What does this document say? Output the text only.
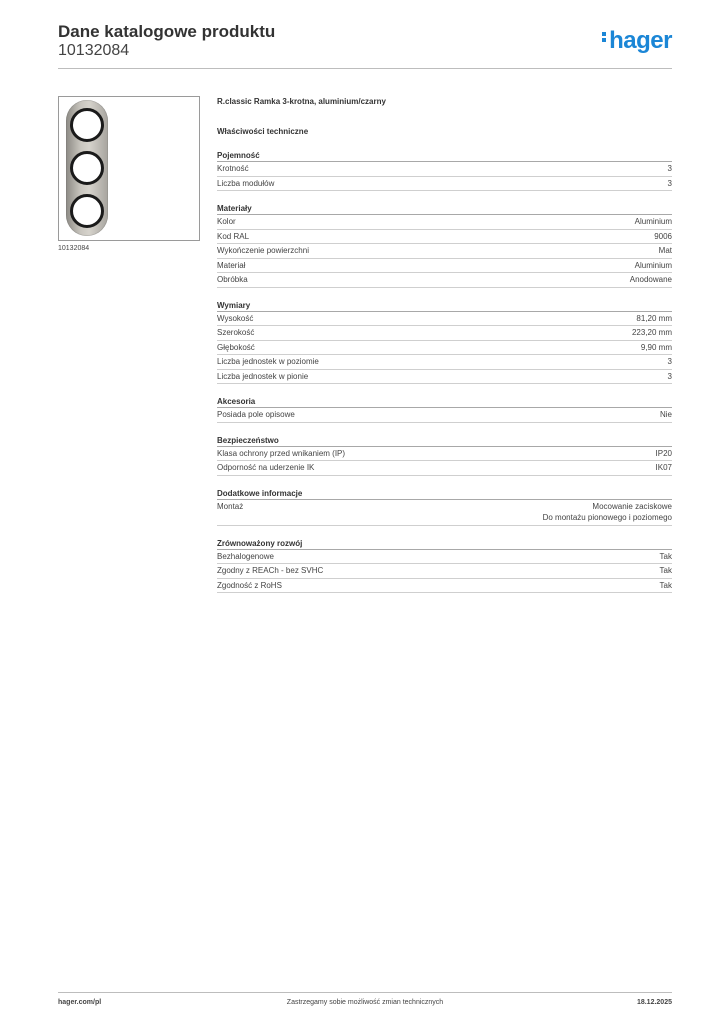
Dane katalogowe produktu
10132084	hager
10132084
R.classic Ramka 3-krotna, aluminium/czarny
Właściwości techniczne
Pojemność
Krotność	3
Liczba modułów	3
Materiały
Kolor	Aluminium
Kod RAL	9006
Wykończenie powierzchni	Mat
Materiał	Aluminium
Obróbka	Anodowane
Wymiary
Wysokość	81,20 mm
Szerokość	223,20 mm
Głębokość	9,90 mm
Liczba jednostek w poziomie	3
Liczba jednostek w pionie	3
Akcesoria
Posiada pole opisowe	Nie
Bezpieczeństwo
Klasa ochrony przed wnikaniem (IP)	IP20
Odporność na uderzenie IK	IK07
Dodatkowe informacje
Montaż	Mocowanie zaciskowe
Do montażu pionowego i poziomego
Zrównoważony rozwój
Bezhalogenowe	Tak
Zgodny z REACh - bez SVHC	Tak
Zgodność z RoHS	Tak
hager.com/pl	Zastrzegamy sobie możliwość zmian technicznych	18.12.2025
